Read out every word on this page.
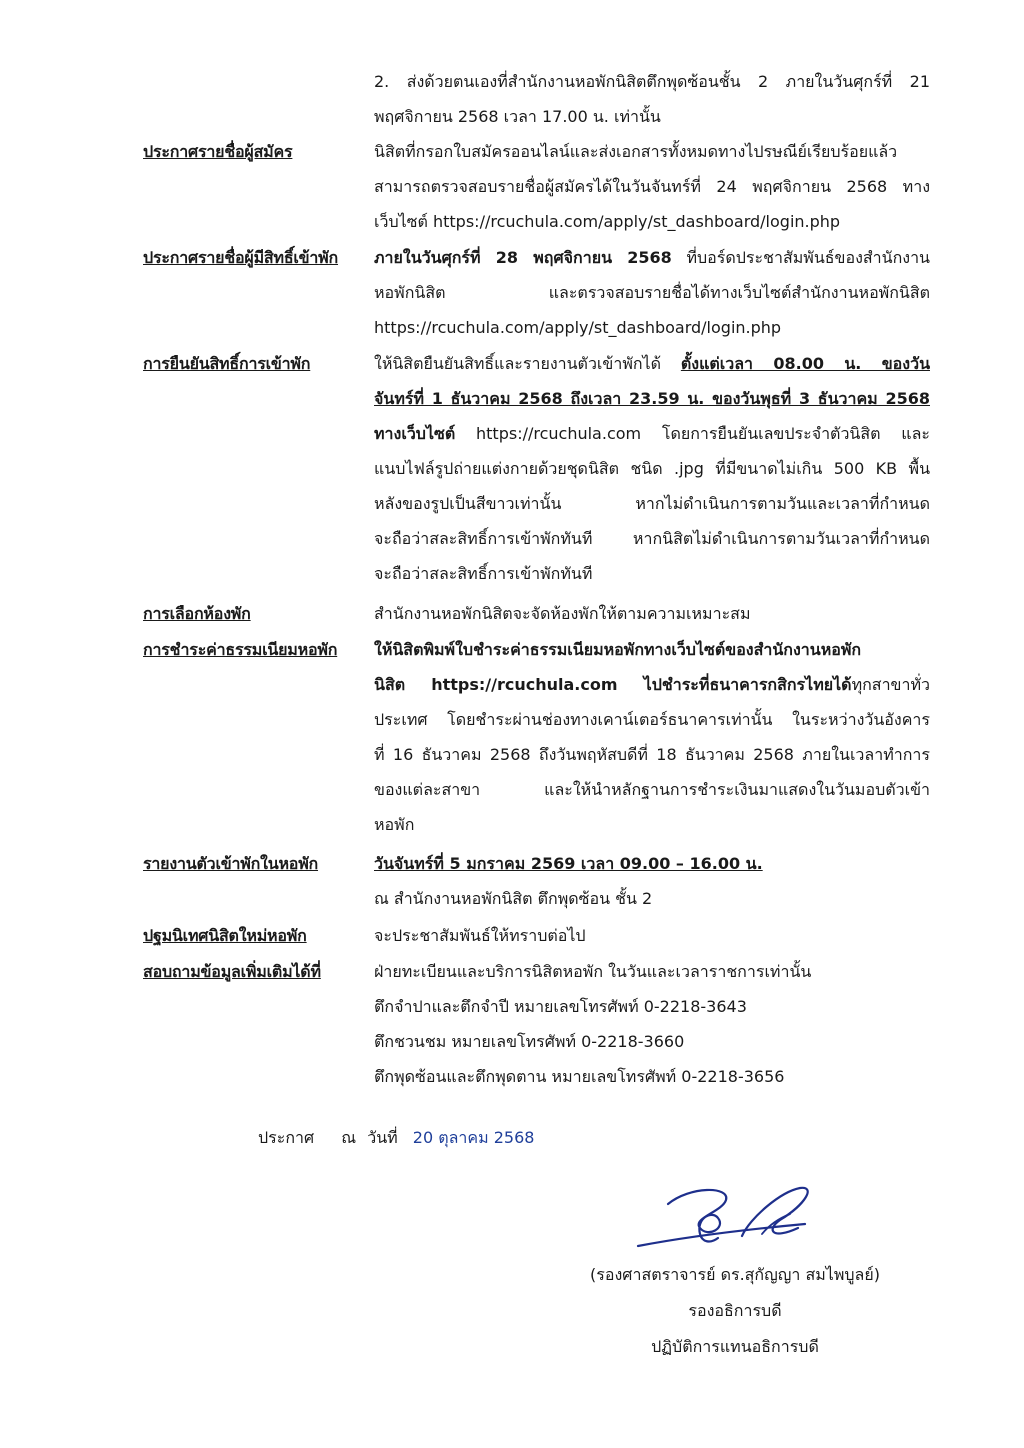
2. ส่งด้วยตนเองที่สำนักงานหอพักนิสิตตึกพุดซ้อนชั้น 2 ภายในวันศุกร์ที่ 21
พฤศจิกายน 2568 เวลา 17.00 น. เท่านั้น
ประกาศรายชื่อผู้สมัคร	นิสิตที่กรอกใบสมัครออนไลน์และส่งเอกสารทั้งหมดทางไปรษณีย์เรียบร้อยแล้ว
สามารถตรวจสอบรายชื่อผู้สมัครได้ในวันจันทร์ที่ 24 พฤศจิกายน 2568 ทาง
เว็บไซต์ https://rcuchula.com/apply/st_dashboard/login.php
ประกาศรายชื่อผู้มีสิทธิ์เข้าพัก	ภายในวันศุกร์ที่ 28 พฤศจิกายน 2568 ที่บอร์ดประชาสัมพันธ์ของสำนักงาน
หอพักนิสิต และตรวจสอบรายชื่อได้ทางเว็บไซต์สำนักงานหอพักนิสิต
https://rcuchula.com/apply/st_dashboard/login.php
การยืนยันสิทธิ์การเข้าพัก	ให้นิสิตยืนยันสิทธิ์และรายงานตัวเข้าพักได้ ตั้งแต่เวลา 08.00 น. ของวัน
จันทร์ที่ 1 ธันวาคม 2568 ถึงเวลา 23.59 น. ของวันพุธที่ 3 ธันวาคม 2568
ทางเว็บไซต์ https://rcuchula.com โดยการยืนยันเลขประจำตัวนิสิต และ
แนบไฟล์รูปถ่ายแต่งกายด้วยชุดนิสิต ชนิด .jpg ที่มีขนาดไม่เกิน 500 KB พื้น
หลังของรูปเป็นสีขาวเท่านั้น หากไม่ดำเนินการตามวันและเวลาที่กำหนด
จะถือว่าสละสิทธิ์การเข้าพักทันที หากนิสิตไม่ดำเนินการตามวันเวลาที่กำหนด
จะถือว่าสละสิทธิ์การเข้าพักทันที
การเลือกห้องพัก	สำนักงานหอพักนิสิตจะจัดห้องพักให้ตามความเหมาะสม
การชำระค่าธรรมเนียมหอพัก	ให้นิสิตพิมพ์ใบชำระค่าธรรมเนียมหอพักทางเว็บไซต์ของสำนักงานหอพัก
นิสิต https://rcuchula.com ไปชำระที่ธนาคารกสิกรไทยได้ทุกสาขาทั่ว
ประเทศ โดยชำระผ่านช่องทางเคาน์เตอร์ธนาคารเท่านั้น ในระหว่างวันอังคาร
ที่ 16 ธันวาคม 2568 ถึงวันพฤหัสบดีที่ 18 ธันวาคม 2568 ภายในเวลาทำการ
ของแต่ละสาขา และให้นำหลักฐานการชำระเงินมาแสดงในวันมอบตัวเข้า
หอพัก
รายงานตัวเข้าพักในหอพัก	วันจันทร์ที่ 5 มกราคม 2569 เวลา 09.00 – 16.00 น.
ณ สำนักงานหอพักนิสิต ตึกพุดซ้อน ชั้น 2
ปฐมนิเทศนิสิตใหม่หอพัก	จะประชาสัมพันธ์ให้ทราบต่อไป
สอบถามข้อมูลเพิ่มเติมได้ที่	ฝ่ายทะเบียนและบริการนิสิตหอพัก ในวันและเวลาราชการเท่านั้น
ตึกจำปาและตึกจำปี หมายเลขโทรศัพท์ 0-2218-3643
ตึกชวนชม หมายเลขโทรศัพท์ 0-2218-3660
ตึกพุดซ้อนและตึกพุดตาน หมายเลขโทรศัพท์ 0-2218-3656
ประกาศ ณ วันที่ 20 ตุลาคม 2568
(รองศาสตราจารย์ ดร.สุกัญญา สมไพบูลย์)
รองอธิการบดี
ปฏิบัติการแทนอธิการบดี
